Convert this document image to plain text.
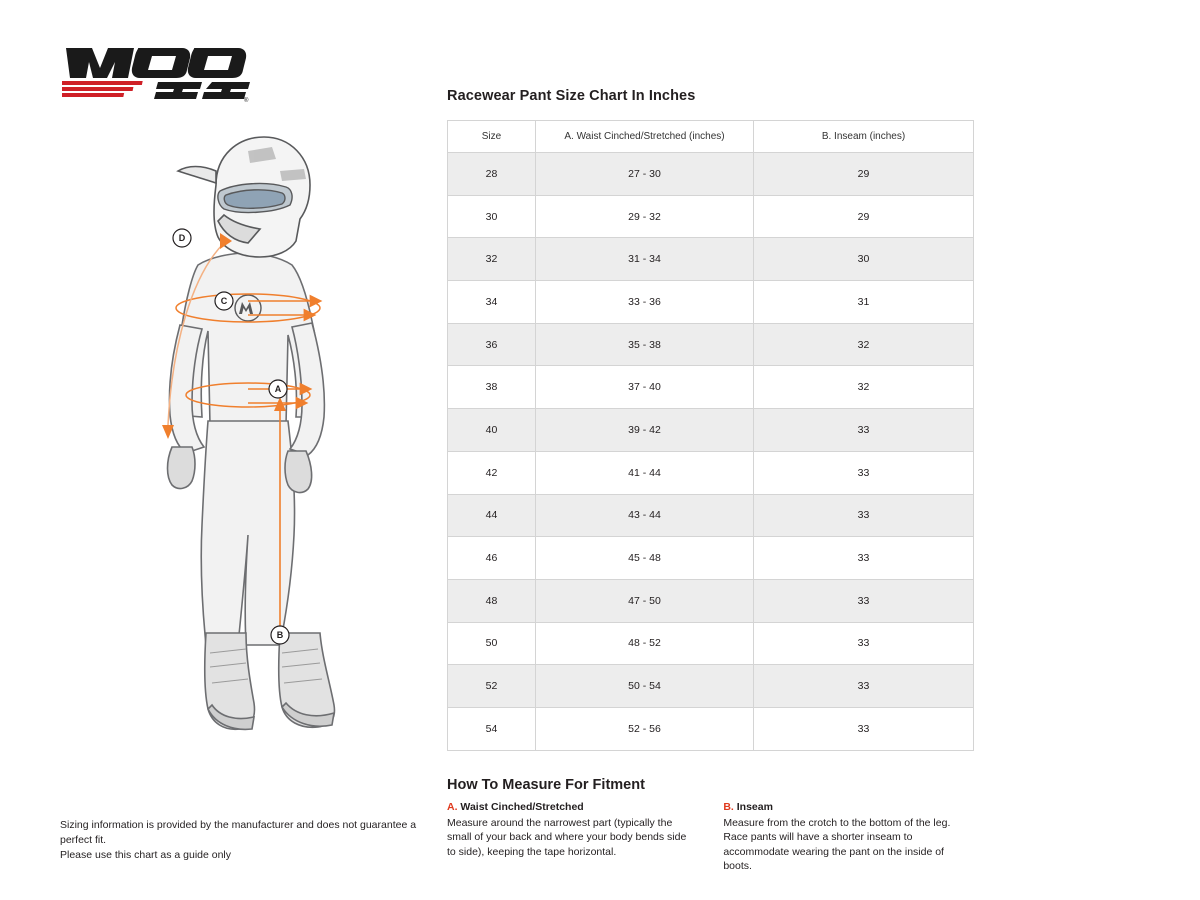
®
D
C
A
B
Sizing information is provided by the manufacturer and does not guarantee a perfect fit.
Please use this chart as a guide only
Racewear Pant Size Chart In Inches
Size	A. Waist Cinched/Stretched (inches)	B. Inseam (inches)
28	27 - 30	29
30	29 - 32	29
32	31 - 34	30
34	33 - 36	31
36	35 - 38	32
38	37 - 40	32
40	39 - 42	33
42	41 - 44	33
44	43 - 44	33
46	45 - 48	33
48	47 - 50	33
50	48 - 52	33
52	50 - 54	33
54	52 - 56	33
How To Measure For Fitment
A. Waist Cinched/Stretched
Measure around the narrowest part (typically the small of your back and where your body bends side to side), keeping the tape horizontal.
B. Inseam
Measure from the crotch to the bottom of the leg. Race pants will have a shorter inseam to accommodate wearing the pant on the inside of boots.
